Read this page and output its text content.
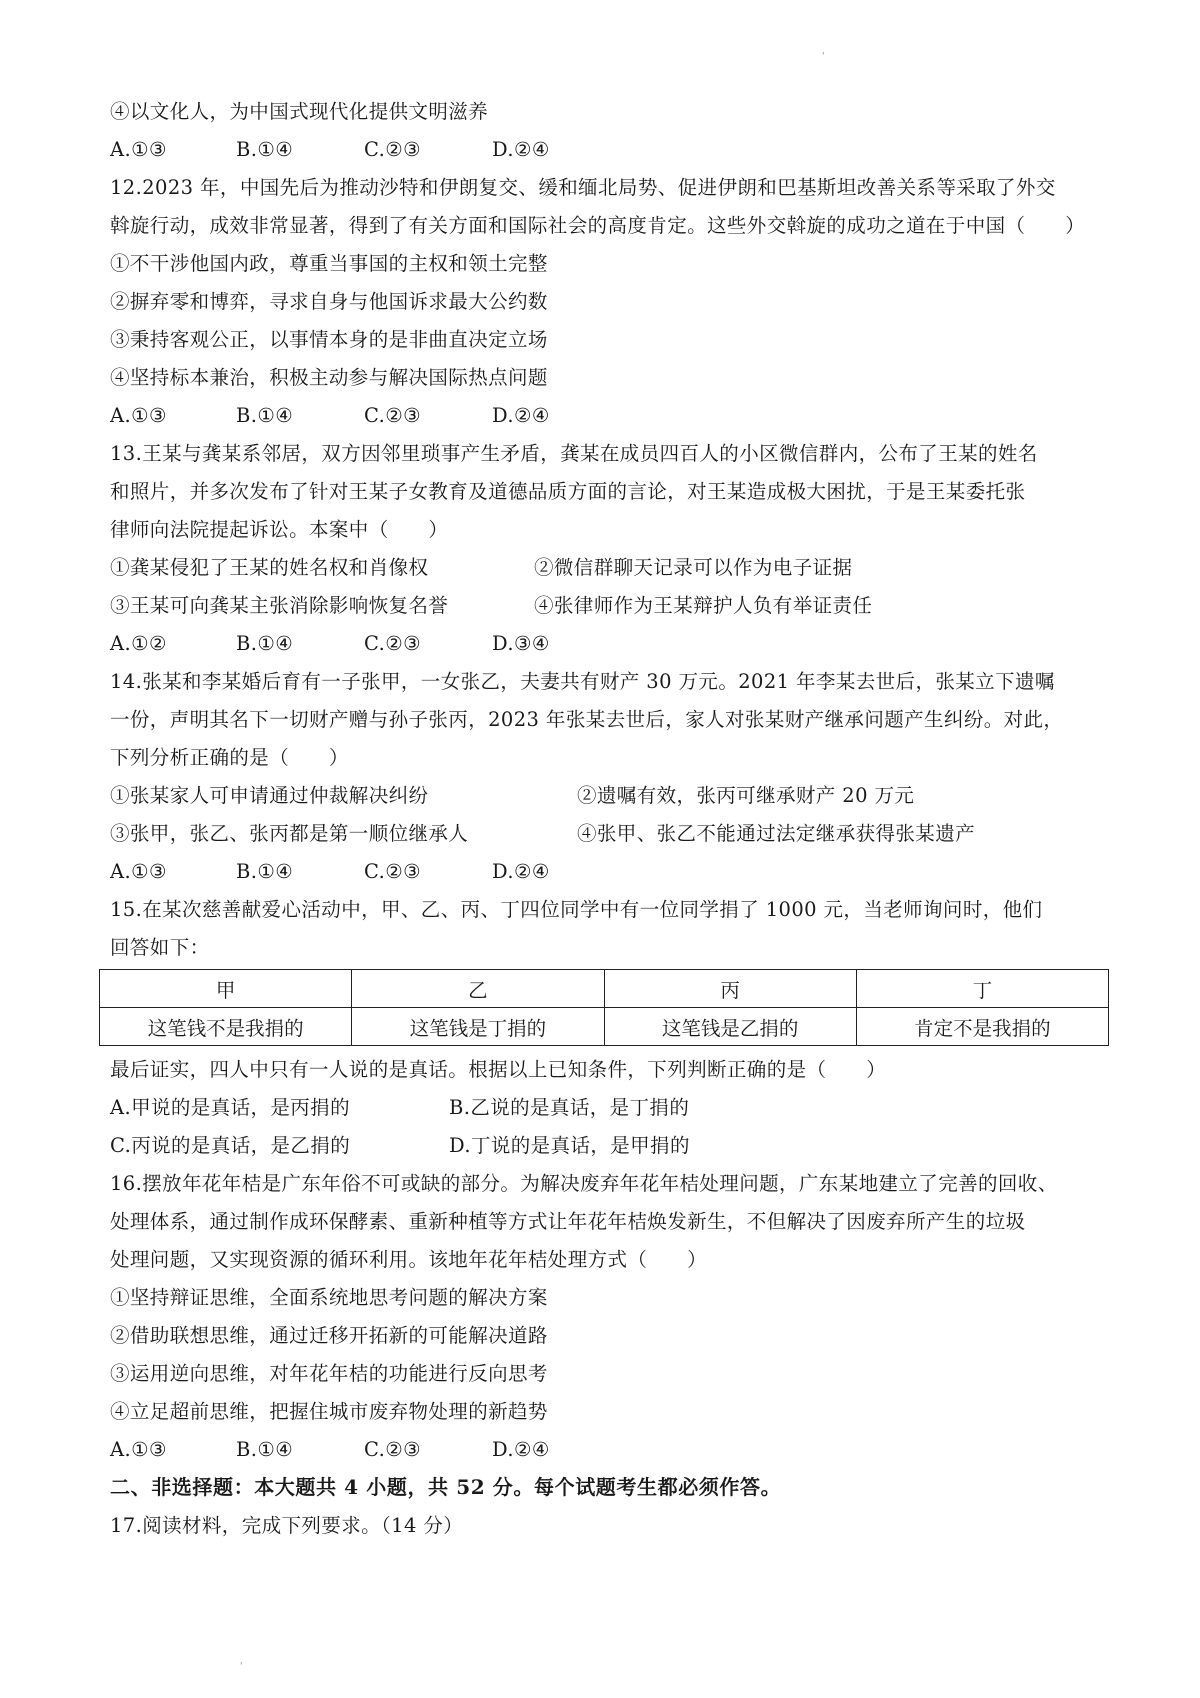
'
④以文化人，为中国式现代化提供文明滋养
A.①③	B.①④	C.②③	D.②④
12.2023 年，中国先后为推动沙特和伊朗复交、缓和缅北局势、促进伊朗和巴基斯坦改善关系等采取了外交
斡旋行动，成效非常显著，得到了有关方面和国际社会的高度肯定。这些外交斡旋的成功之道在于中国（　　）
①不干涉他国内政，尊重当事国的主权和领土完整
②摒弃零和博弈，寻求自身与他国诉求最大公约数
③秉持客观公正，以事情本身的是非曲直决定立场
④坚持标本兼治，积极主动参与解决国际热点问题
A.①③	B.①④	C.②③	D.②④
13.王某与龚某系邻居，双方因邻里琐事产生矛盾，龚某在成员四百人的小区微信群内，公布了王某的姓名
和照片，并多次发布了针对王某子女教育及道德品质方面的言论，对王某造成极大困扰，于是王某委托张
律师向法院提起诉讼。本案中（　　）
①龚某侵犯了王某的姓名权和肖像权	②微信群聊天记录可以作为电子证据
③王某可向龚某主张消除影响恢复名誉	④张律师作为王某辩护人负有举证责任
A.①②	B.①④	C.②③	D.③④
14.张某和李某婚后育有一子张甲，一女张乙，夫妻共有财产 30 万元。2021 年李某去世后，张某立下遗嘱
一份，声明其名下一切财产赠与孙子张丙，2023 年张某去世后，家人对张某财产继承问题产生纠纷。对此，
下列分析正确的是（　　）
①张某家人可申请通过仲裁解决纠纷	②遗嘱有效，张丙可继承财产 20 万元
③张甲，张乙、张丙都是第一顺位继承人	④张甲、张乙不能通过法定继承获得张某遗产
A.①③	B.①④	C.②③	D.②④
15.在某次慈善献爱心活动中，甲、乙、丙、丁四位同学中有一位同学捐了 1000 元，当老师询问时，他们
回答如下：
甲	乙	丙	丁
这笔钱不是我捐的	这笔钱是丁捐的	这笔钱是乙捐的	肯定不是我捐的
最后证实，四人中只有一人说的是真话。根据以上已知条件，下列判断正确的是（　　）
A.甲说的是真话，是丙捐的	B.乙说的是真话，是丁捐的
C.丙说的是真话，是乙捐的	D.丁说的是真话，是甲捐的
16.摆放年花年桔是广东年俗不可或缺的部分。为解决废弃年花年桔处理问题，广东某地建立了完善的回收、
处理体系，通过制作成环保酵素、重新种植等方式让年花年桔焕发新生，不但解决了因废弃所产生的垃圾
处理问题，又实现资源的循环利用。该地年花年桔处理方式（　　）
①坚持辩证思维，全面系统地思考问题的解决方案
②借助联想思维，通过迁移开拓新的可能解决道路
③运用逆向思维，对年花年桔的功能进行反向思考
④立足超前思维，把握住城市废弃物处理的新趋势
A.①③	B.①④	C.②③	D.②④
二、非选择题：本大题共 4 小题，共 52 分。每个试题考生都必须作答。
17.阅读材料，完成下列要求。（14 分）
'
